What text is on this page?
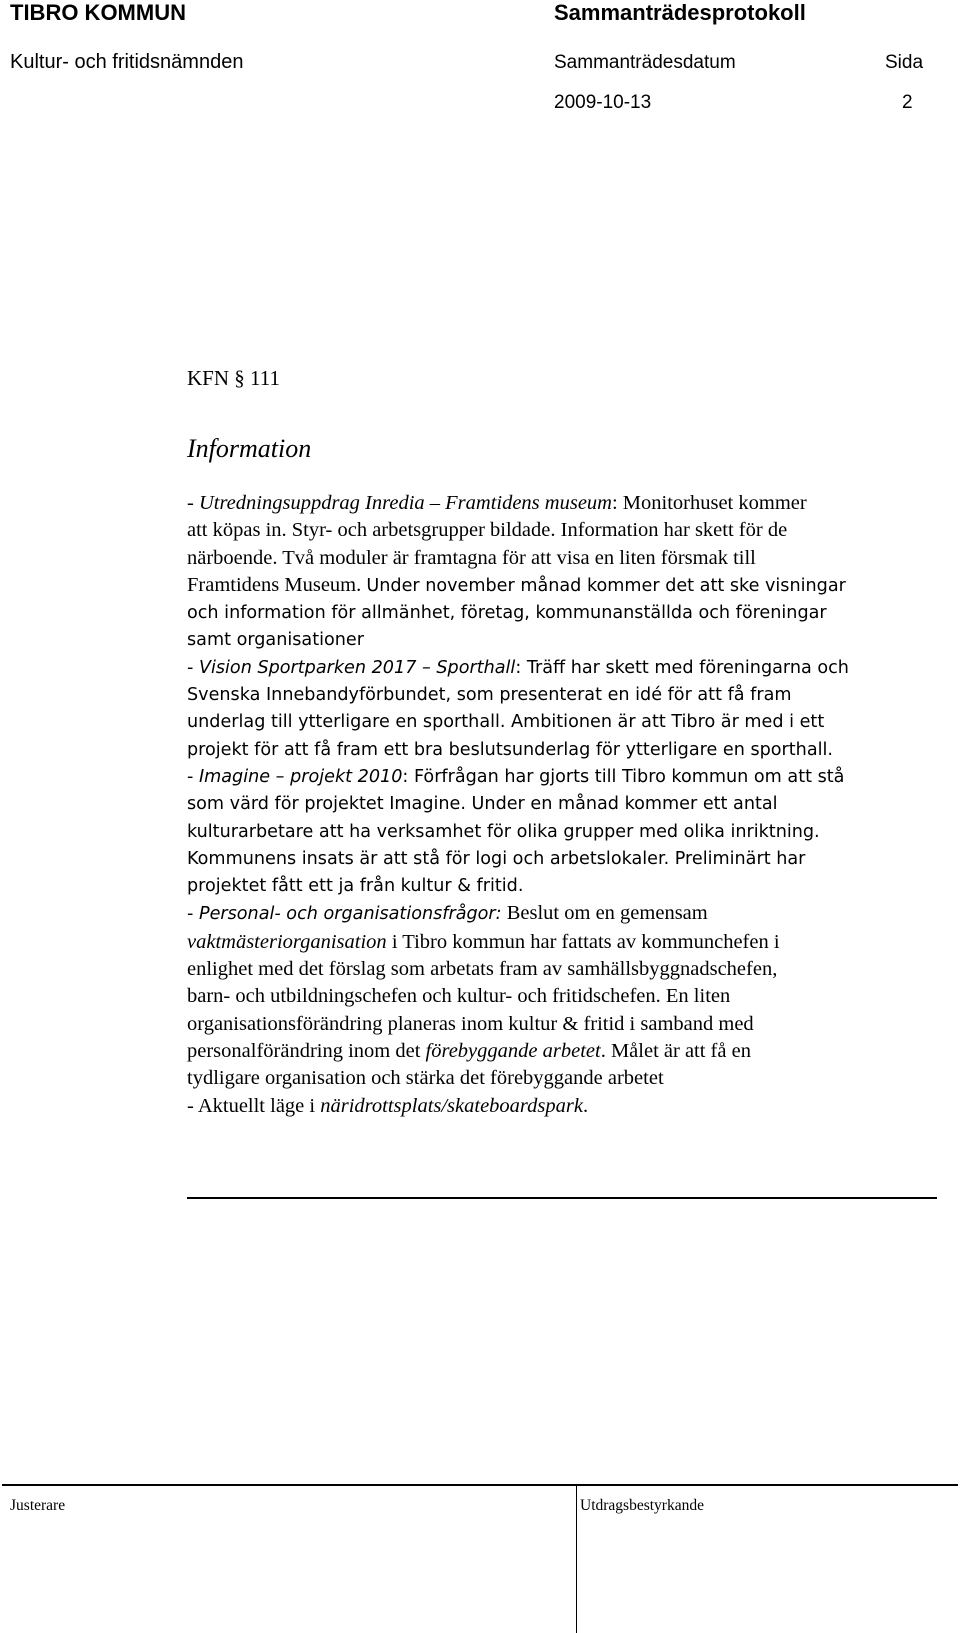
TIBRO KOMMUN	Sammanträdesprotokoll
Kultur- och fritidsnämnden	Sammanträdesdatum	Sida
2009-10-13	2
KFN § 111
Information
- Utredningsuppdrag Inredia – Framtidens museum: Monitorhuset kommer
att köpas in. Styr- och arbetsgrupper bildade. Information har skett för de
närboende. Två moduler är framtagna för att visa en liten försmak till
Framtidens Museum. Under november månad kommer det att ske visningar
och information för allmänhet, företag, kommunanställda och föreningar
samt organisationer
- Vision Sportparken 2017 – Sporthall: Träff har skett med föreningarna och
Svenska Innebandyförbundet, som presenterat en idé för att få fram
underlag till ytterligare en sporthall. Ambitionen är att Tibro är med i ett
projekt för att få fram ett bra beslutsunderlag för ytterligare en sporthall.
- Imagine – projekt 2010: Förfrågan har gjorts till Tibro kommun om att stå
som värd för projektet Imagine. Under en månad kommer ett antal
kulturarbetare att ha verksamhet för olika grupper med olika inriktning.
Kommunens insats är att stå för logi och arbetslokaler. Preliminärt har
projektet fått ett ja från kultur & fritid.
- Personal- och organisationsfrågor: Beslut om en gemensam
vaktmästeriorganisation i Tibro kommun har fattats av kommunchefen i
enlighet med det förslag som arbetats fram av samhällsbyggnadschefen,
barn- och utbildningschefen och kultur- och fritidschefen. En liten
organisationsförändring planeras inom kultur & fritid i samband med
personalförändring inom det förebyggande arbetet. Målet är att få en
tydligare organisation och stärka det förebyggande arbetet
- Aktuellt läge i näridrottsplats/skateboardspark.
Justerare	Utdragsbestyrkande
